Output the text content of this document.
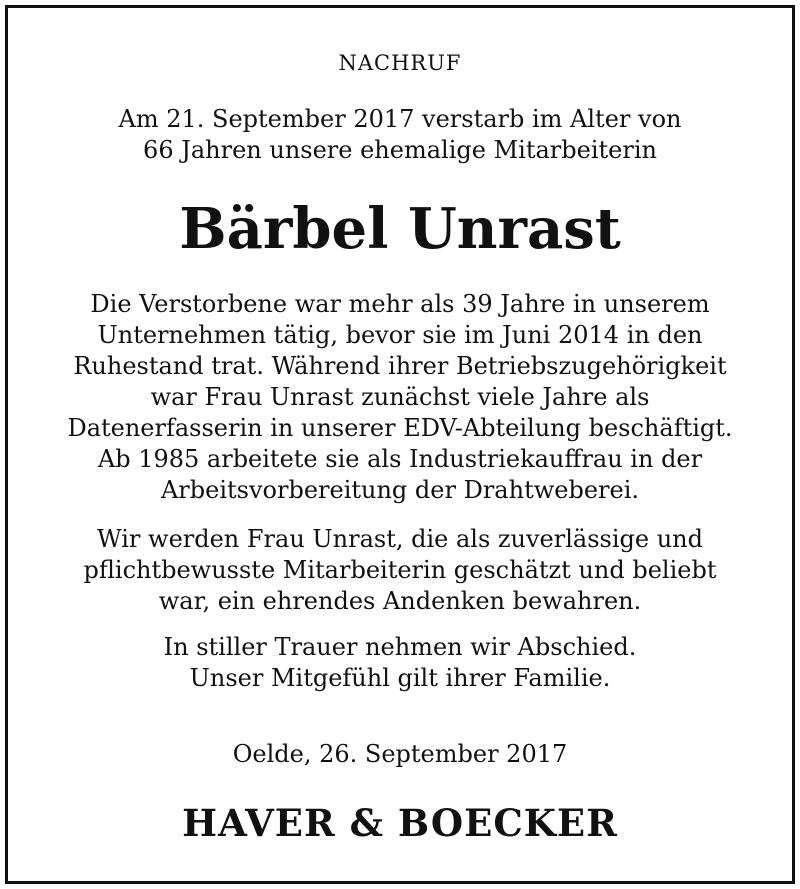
NACHRUF
Am 21. September 2017 verstarb im Alter von
66 Jahren unsere ehemalige Mitarbeiterin
Bärbel Unrast
Die Verstorbene war mehr als 39 Jahre in unserem
Unternehmen tätig, bevor sie im Juni 2014 in den
Ruhestand trat. Während ihrer Betriebszugehörigkeit
war Frau Unrast zunächst viele Jahre als
Datenerfasserin in unserer EDV-Abteilung beschäftigt.
Ab 1985 arbeitete sie als Industriekauffrau in der
Arbeitsvorbereitung der Drahtweberei.
Wir werden Frau Unrast, die als zuverlässige und
pflichtbewusste Mitarbeiterin geschätzt und beliebt
war, ein ehrendes Andenken bewahren.
In stiller Trauer nehmen wir Abschied.
Unser Mitgefühl gilt ihrer Familie.
Oelde, 26. September 2017
HAVER & BOECKER
